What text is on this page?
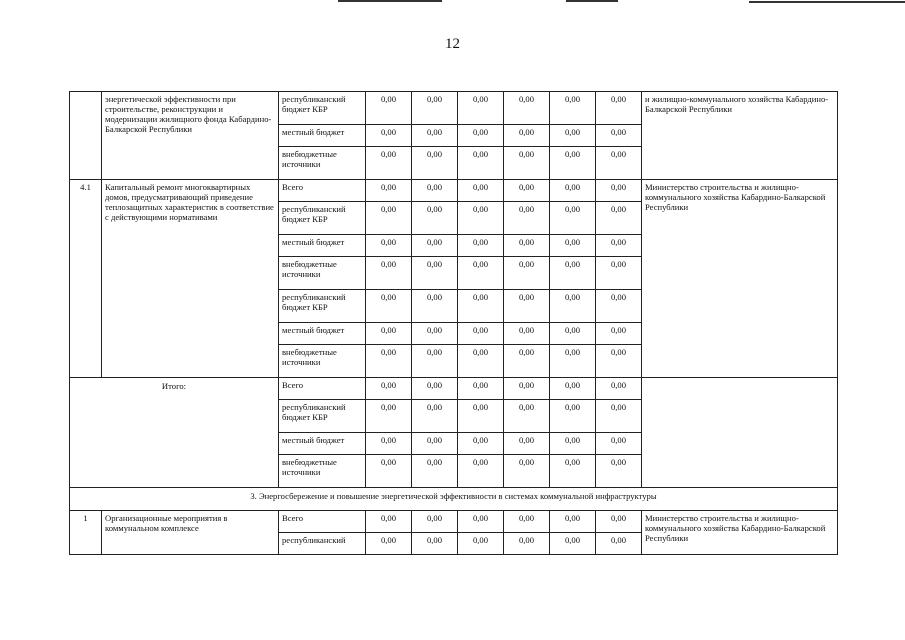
12
	энергетической эффективности при строительстве, реконструкции и модернизации жилищного фонда Кабардино-Балкарской Республики	республиканский бюджет КБР	0,00	0,00	0,00	0,00	0,00	0,00	и жилищно-коммунального хозяйства Кабардино-Балкарской Республики
		местный бюджет	0,00	0,00	0,00	0,00	0,00	0,00	
		внебюджетные источники	0,00	0,00	0,00	0,00	0,00	0,00	
4.1	Капитальный ремонт многоквартирных домов, предусматривающий приведение теплозащитных характеристик в соответствие с действующими нормативами	Всего	0,00	0,00	0,00	0,00	0,00	0,00	Министерство строительства и жилищно-коммунального хозяйства Кабардино-Балкарской Республики
		республиканский бюджет КБР	0,00	0,00	0,00	0,00	0,00	0,00	
		местный бюджет	0,00	0,00	0,00	0,00	0,00	0,00	
		внебюджетные источники	0,00	0,00	0,00	0,00	0,00	0,00	
		республиканский бюджет КБР	0,00	0,00	0,00	0,00	0,00	0,00	
		местный бюджет	0,00	0,00	0,00	0,00	0,00	0,00	
		внебюджетные источники	0,00	0,00	0,00	0,00	0,00	0,00	
Итого:		Всего	0,00	0,00	0,00	0,00	0,00	0,00	
		республиканский бюджет КБР	0,00	0,00	0,00	0,00	0,00	0,00	
		местный бюджет	0,00	0,00	0,00	0,00	0,00	0,00	
		внебюджетные источники	0,00	0,00	0,00	0,00	0,00	0,00	
3. Энергосбережение и повышение энергетической эффективности в системах коммунальной инфраструктуры									
1	Организационные мероприятия в коммунальном комплексе	Всего	0,00	0,00	0,00	0,00	0,00	0,00	Министерство строительства и жилищно-коммунального хозяйства Кабардино-Балкарской Республики
		республиканский	0,00	0,00	0,00	0,00	0,00	0,00	
